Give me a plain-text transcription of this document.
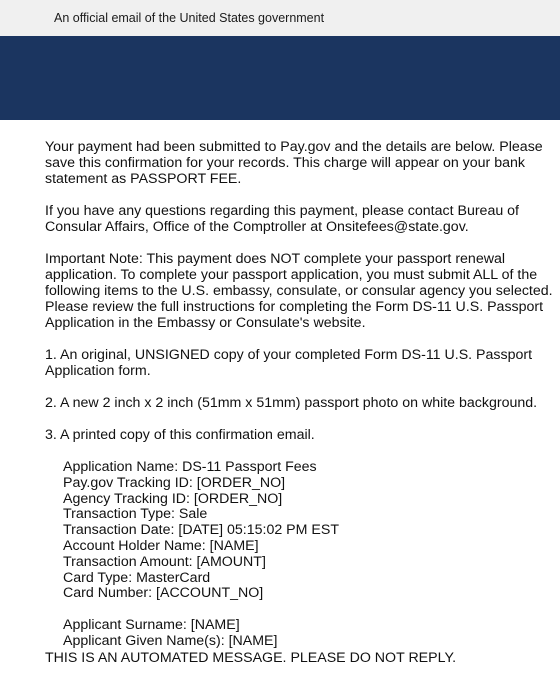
An official email of the United States government

Your payment had been submitted to Pay.gov and the details are below. Please save this confirmation for your records. This charge will appear on your bank statement as PASSPORT FEE.

If you have any questions regarding this payment, please contact Bureau of Consular Affairs, Office of the Comptroller at Onsitefees@state.gov.

Important Note: This payment does NOT complete your passport renewal application. To complete your passport application, you must submit ALL of the following items to the U.S. embassy, consulate, or consular agency you selected. Please review the full instructions for completing the Form DS-11 U.S. Passport Application in the Embassy or Consulate's website.

1. An original, UNSIGNED copy of your completed Form DS-11 U.S. Passport Application form.

2. A new 2 inch x 2 inch (51mm x 51mm) passport photo on white background.

3. A printed copy of this confirmation email.

Application Name: DS-11 Passport Fees
Pay.gov Tracking ID: [ORDER_NO]
Agency Tracking ID: [ORDER_NO]
Transaction Type: Sale
Transaction Date: [DATE] 05:15:02 PM EST
Account Holder Name: [NAME]
Transaction Amount: [AMOUNT]
Card Type: MasterCard
Card Number: [ACCOUNT_NO]
Applicant Surname: [NAME]
Applicant Given Name(s): [NAME]

THIS IS AN AUTOMATED MESSAGE. PLEASE DO NOT REPLY.
